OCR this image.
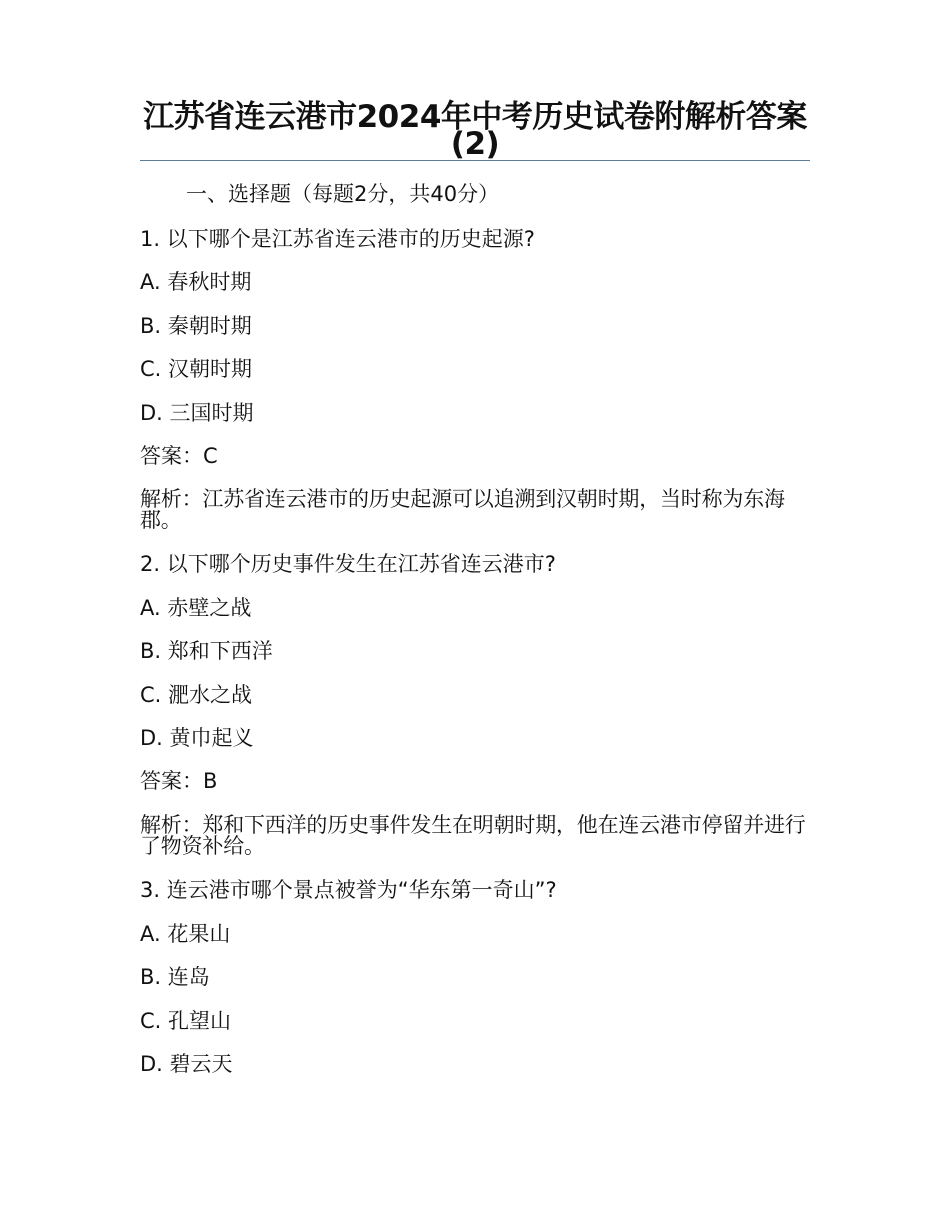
江苏省连云港市2024年中考历史试卷附解析答案(2)
一、选择题（每题2分，共40分）
1. 以下哪个是江苏省连云港市的历史起源?
A. 春秋时期
B. 秦朝时期
C. 汉朝时期
D. 三国时期
答案：C
解析：江苏省连云港市的历史起源可以追溯到汉朝时期，当时称为东海郡。
2. 以下哪个历史事件发生在江苏省连云港市?
A. 赤壁之战
B. 郑和下西洋
C. 淝水之战
D. 黄巾起义
答案：B
解析：郑和下西洋的历史事件发生在明朝时期，他在连云港市停留并进行了物资补给。
3. 连云港市哪个景点被誉为“华东第一奇山”?
A. 花果山
B. 连岛
C. 孔望山
D. 碧云天
